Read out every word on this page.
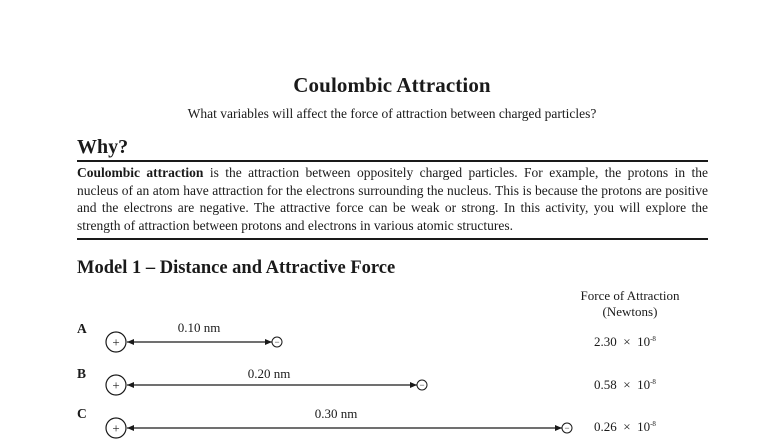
Coulombic Attraction
What variables will affect the force of attraction between charged particles?
Why?
Coulombic attraction is the attraction between oppositely charged particles. For example, the protons in the nucleus of an atom have attraction for the electrons surrounding the nucleus. This is because the protons are positive and the electrons are negative. The attractive force can be weak or strong. In this activity, you will explore the strength of attraction between protons and electrons in various atomic structures.
Model 1 – Distance and Attractive Force
Force of Attraction
(Newtons)
A	0.10 nm
$2.30 \times 10^{-8}$
B	0.20 nm
$0.58 \times 10^{-8}$
C	0.30 nm
$0.26 \times 10^{-8}$
+	−
+	−
+	−
